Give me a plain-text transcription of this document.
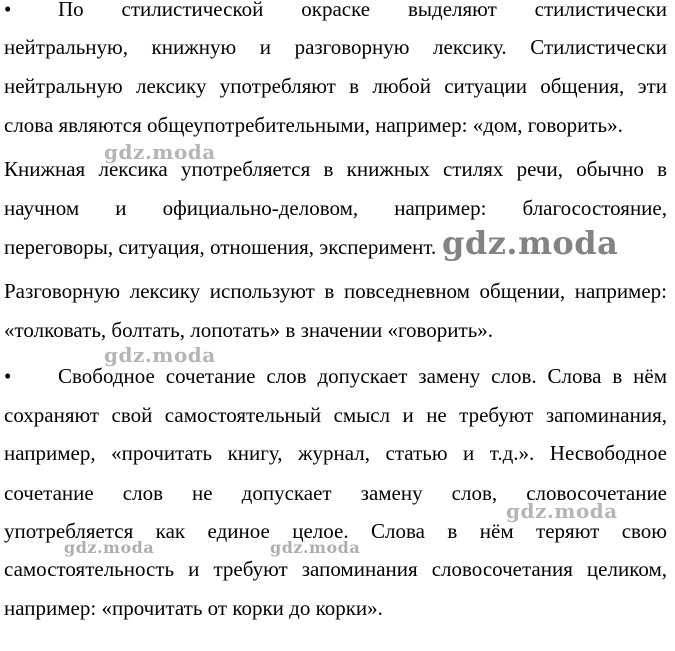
• По стилистической окраске выделяют стилистически
нейтральную, книжную и разговорную лексику. Стилистически
нейтральную лексику употребляют в любой ситуации общения, эти
слова являются общеупотребительными, например: «дом, говорить».
Книжная лексика употребляется в книжных стилях речи, обычно в
научном и официально-деловом, например: благосостояние,
переговоры, ситуация, отношения, эксперимент.
Разговорную лексику используют в повседневном общении, например:
«толковать, болтать, лопотать» в значении «говорить».
• Свободное сочетание слов допускает замену слов. Слова в нём
сохраняют свой самостоятельный смысл и не требуют запоминания,
например, «прочитать книгу, журнал, статью и т.д.». Несвободное
сочетание слов не допускает замену слов, словосочетание
употребляется как единое целое. Слова в нём теряют свою
самостоятельность и требуют запоминания словосочетания целиком,
например: «прочитать от корки до корки».
gdz.moda
gdz.moda
gdz.moda
gdz.moda
gdz.moda	gdz.moda
